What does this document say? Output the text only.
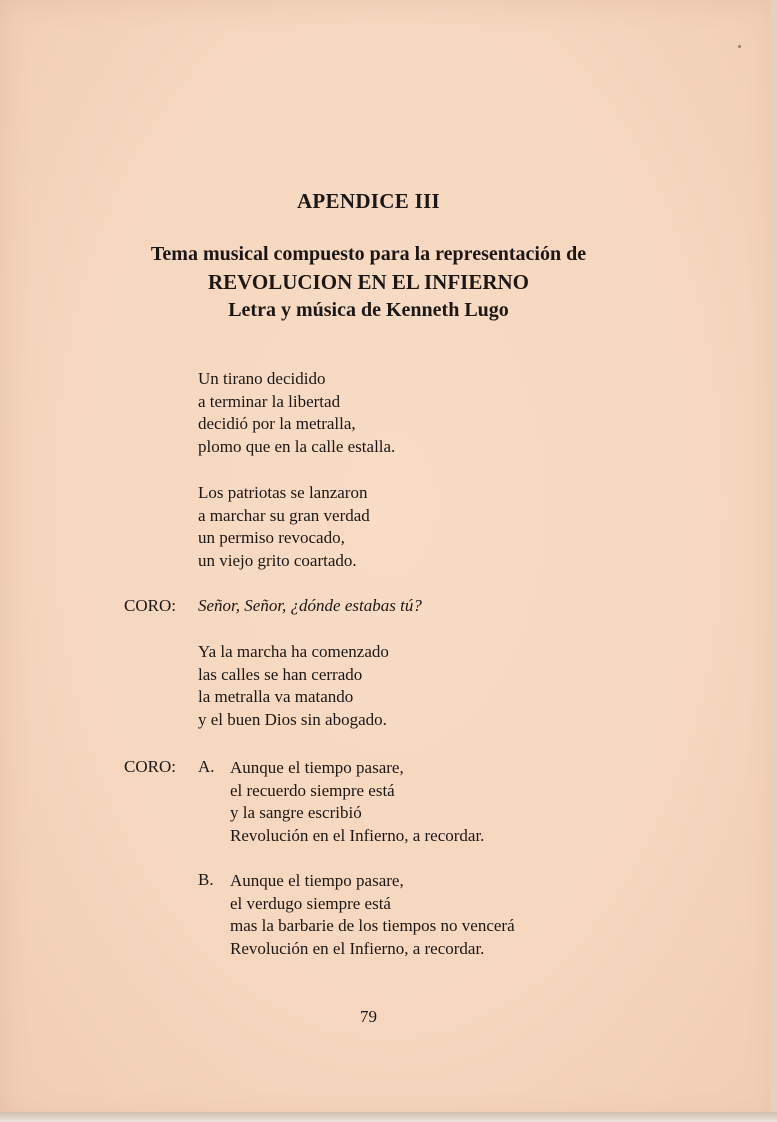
APENDICE III
Tema musical compuesto para la representación de
REVOLUCION EN EL INFIERNO
Letra y música de Kenneth Lugo
Un tirano decidido
a terminar la libertad
decidió por la metralla,
plomo que en la calle estalla.
Los patriotas se lanzaron
a marchar su gran verdad
un permiso revocado,
un viejo grito coartado.
CORO: Señor, Señor, ¿dónde estabas tú?
Ya la marcha ha comenzado
las calles se han cerrado
la metralla va matando
y el buen Dios sin abogado.
CORO: A. Aunque el tiempo pasare,
el recuerdo siempre está
y la sangre escribió
Revolución en el Infierno, a recordar.
B. Aunque el tiempo pasare,
el verdugo siempre está
mas la barbarie de los tiempos no vencerá
Revolución en el Infierno, a recordar.
79
